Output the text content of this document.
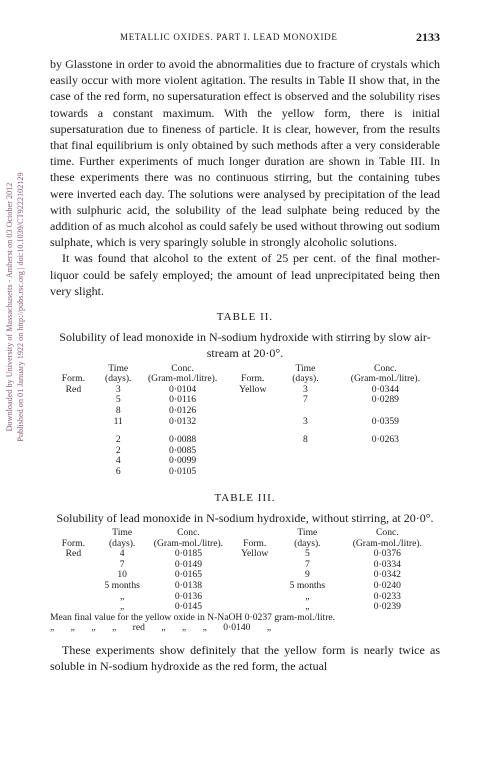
Downloaded by University of Massachusetts - Amherst on 03 October 2012 Published on 01 January 1922 on http://pubs.rsc.org | doi:10.1039/CT9222102129
METALLIC OXIDES. PART I. LEAD MONOXIDE	2133

by Glasstone in order to avoid the abnormalities due to fracture of crystals which easily occur with more violent agitation. The results in Table II show that, in the case of the red form, no supersaturation effect is observed and the solubility rises towards a constant maximum. With the yellow form, there is initial supersaturation due to fineness of particle. It is clear, however, from the results that final equilibrium is only obtained by such methods after a very considerable time. Further experiments of much longer duration are shown in Table III. In these experiments there was no continuous stirring, but the containing tubes were inverted each day. The solutions were analysed by precipitation of the lead with sulphuric acid, the solubility of the lead sulphate being reduced by the addition of as much alcohol as could safely be used without throwing out sodium sulphate, which is very sparingly soluble in strongly alcoholic solutions.

It was found that alcohol to the extent of 25 per cent. of the final mother-liquor could be safely employed; the amount of lead unprecipitated being then very slight.

TABLE II.

Solubility of lead monoxide in N-sodium hydroxide with stirring by slow air-stream at 20·0°.

	Time	Conc.		Time	Conc.
Form.	(days).	(Gram-mol./litre).	Form.	(days).	(Gram-mol./litre).
Red	3	0·0104	Yellow	3	0·0344
	5	0·0116		7	0·0289
	8	0·0126			
	11	0·0132		3	0·0359

	2	0·0088		8	0·0263
	2	0·0085			
	4	0·0099			
	6	0·0105			
TABLE III.

Solubility of lead monoxide in N-sodium hydroxide, without stirring, at 20·0°.

	Time	Conc.		Time	Conc.
Form.	(days).	(Gram-mol./litre).	Form.	(days).	(Gram-mol./litre).
Red	4	0·0185	Yellow	5	0·0376
	7	0·0149		7	0·0334
	10	0·0165		9	0·0342
	5 months	0·0138		5 months	0·0240
	„	0·0136		„	0·0233
	„	0·0145		„	0·0239
Mean final value for the yellow oxide in N-NaOH 0·0237 gram-mol./litre.
„ „ „ „ red „ „ „ 0·0140 „

These experiments show definitely that the yellow form is nearly twice as soluble in N-sodium hydroxide as the red form, the actual
